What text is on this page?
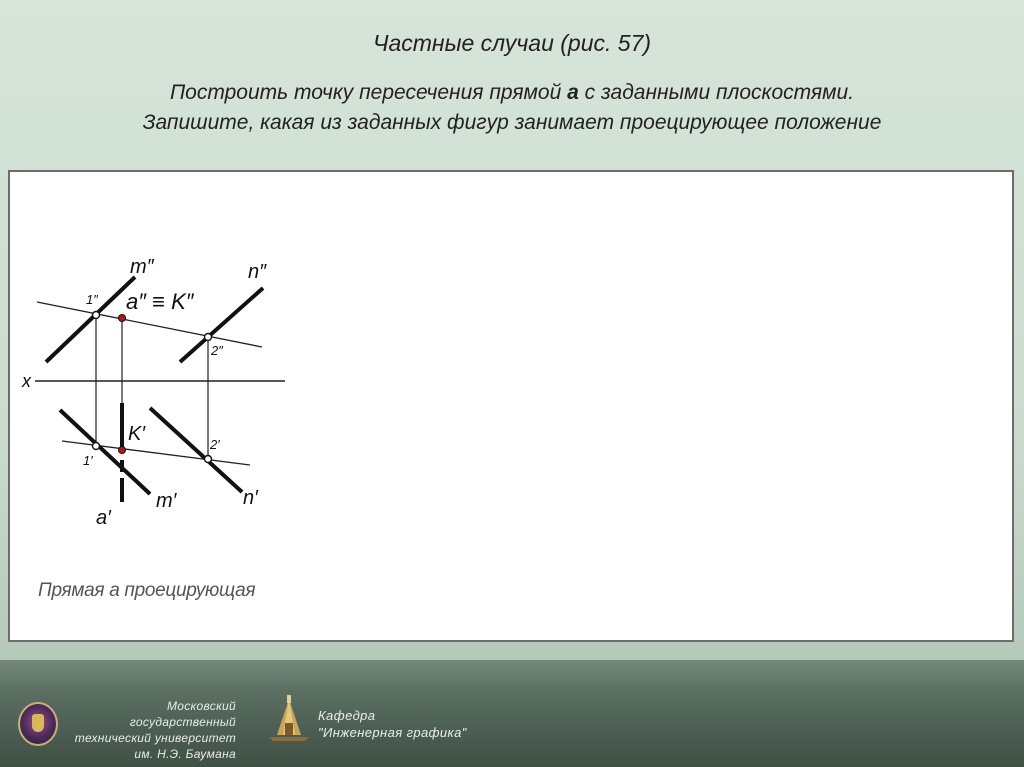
Частные случаи (рис. 57)
Построить точку пересечения прямой а с заданными плоскостями.
Запишите, какая из заданных фигур занимает проецирующее положение
m″	n″
1″ a″ ≡ K″
2″
x
K′	2′
1′
m′	n′
a′
Прямая а проецирующая
Московский государственный
технический университет
им. Н.Э. Баумана
Кафедра
"Инженерная графика"
